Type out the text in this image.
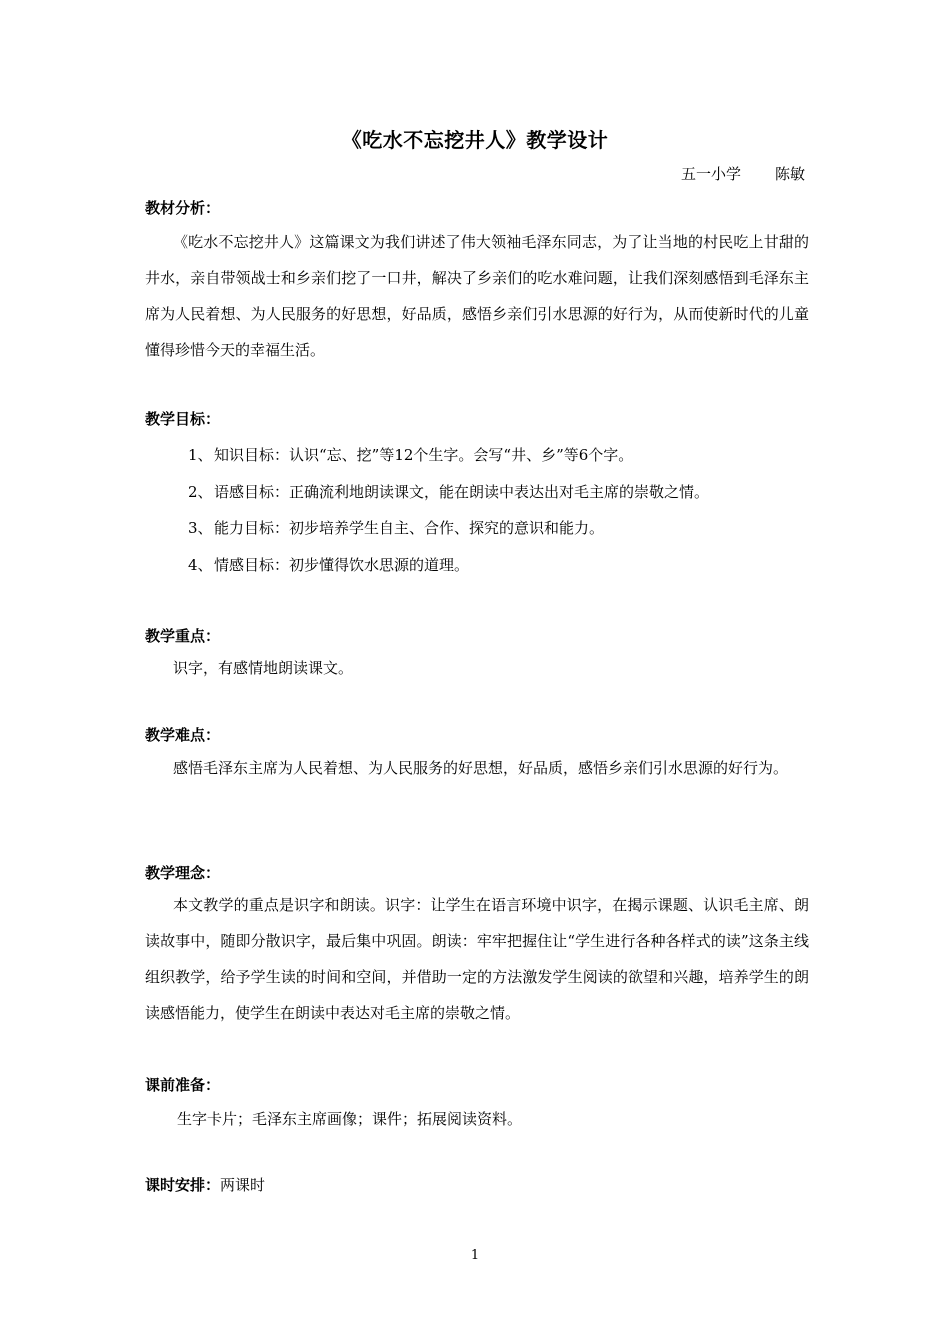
《吃水不忘挖井人》教学设计
五一小学 陈敏
教材分析：
《吃水不忘挖井人》这篇课文为我们讲述了伟大领袖毛泽东同志，为了让当地的村民吃上甘甜的井水，亲自带领战士和乡亲们挖了一口井，解决了乡亲们的吃水难问题，让我们深刻感悟到毛泽东主席为人民着想、为人民服务的好思想，好品质，感悟乡亲们引水思源的好行为，从而使新时代的儿童懂得珍惜今天的幸福生活。
教学目标：
1、知识目标：认识“忘、挖”等12个生字。会写“井、乡”等6个字。
2、语感目标：正确流利地朗读课文，能在朗读中表达出对毛主席的崇敬之情。
3、能力目标：初步培养学生自主、合作、探究的意识和能力。
4、情感目标：初步懂得饮水思源的道理。
教学重点：
识字，有感情地朗读课文。
教学难点：
感悟毛泽东主席为人民着想、为人民服务的好思想，好品质，感悟乡亲们引水思源的好行为。
教学理念：
本文教学的重点是识字和朗读。识字：让学生在语言环境中识字，在揭示课题、认识毛主席、朗读故事中，随即分散识字，最后集中巩固。朗读：牢牢把握住让“学生进行各种各样式的读”这条主线组织教学，给予学生读的时间和空间，并借助一定的方法激发学生阅读的欲望和兴趣，培养学生的朗读感悟能力，使学生在朗读中表达对毛主席的崇敬之情。
课前准备：
生字卡片；毛泽东主席画像；课件；拓展阅读资料。
课时安排：两课时
1
